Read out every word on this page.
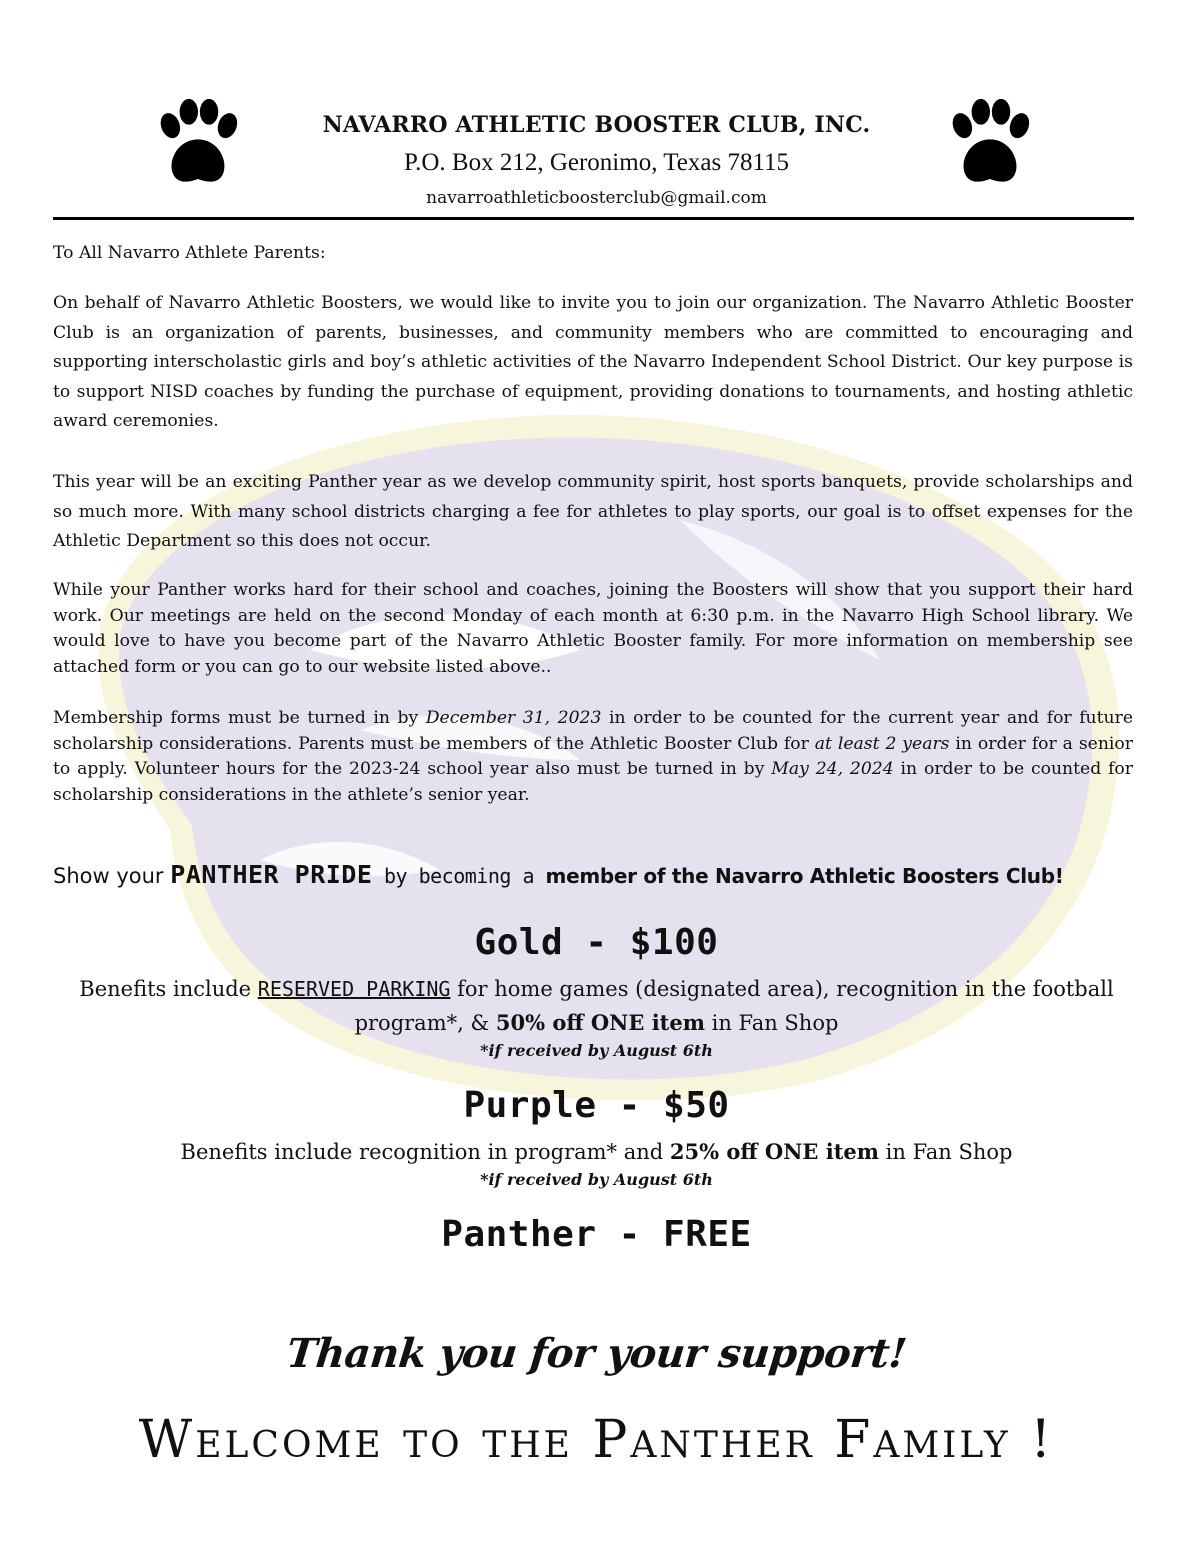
NAVARRO ATHLETIC BOOSTER CLUB, INC.
P.O. Box 212, Geronimo, Texas 78115
navarroathleticboosterclub@gmail.com
To All Navarro Athlete Parents:
On behalf of Navarro Athletic Boosters, we would like to invite you to join our organization. The Navarro Athletic Booster Club is an organization of parents, businesses, and community members who are committed to encouraging and supporting interscholastic girls and boy’s athletic activities of the Navarro Independent School District. Our key purpose is to support NISD coaches by funding the purchase of equipment, providing donations to tournaments, and hosting athletic award ceremonies.
This year will be an exciting Panther year as we develop community spirit, host sports banquets, provide scholarships and so much more. With many school districts charging a fee for athletes to play sports, our goal is to offset expenses for the Athletic Department so this does not occur.
While your Panther works hard for their school and coaches, joining the Boosters will show that you support their hard work. Our meetings are held on the second Monday of each month at 6:30 p.m. in the Navarro High School library. We would love to have you become part of the Navarro Athletic Booster family. For more information on membership see attached form or you can go to our website listed above..
Membership forms must be turned in by December 31, 2023 in order to be counted for the current year and for future scholarship considerations. Parents must be members of the Athletic Booster Club for at least 2 years in order for a senior to apply. Volunteer hours for the 2023-24 school year also must be turned in by May 24, 2024 in order to be counted for scholarship considerations in the athlete’s senior year.
Show your PANTHER PRIDE by becoming a member of the Navarro Athletic Boosters Club!
Gold - $100
Benefits include RESERVED PARKING for home games (designated area), recognition in the football
program*, & 50% off ONE item in Fan Shop
*if received by August 6th
Purple - $50
Benefits include recognition in program* and 25% off ONE item in Fan Shop
*if received by August 6th
Panther - FREE
Thank you for your support!
Welcome to the Panther Family !
